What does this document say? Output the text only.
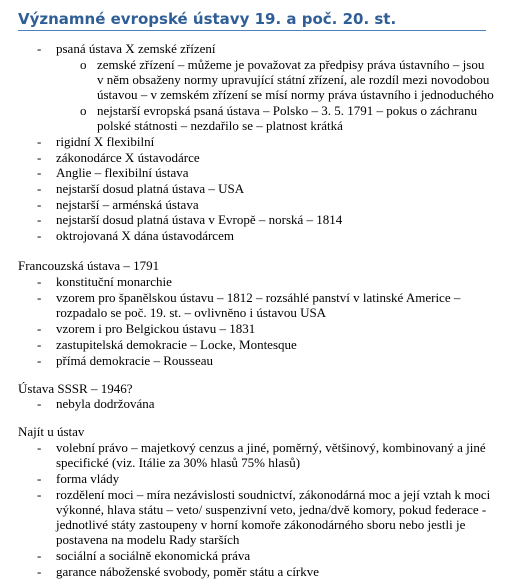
Významné evropské ústavy 19. a poč. 20. st.
- psaná ústava X zemské zřízení
o zemské zřízení – můžeme je považovat za předpisy práva ústavního – jsou
v něm obsaženy normy upravující státní zřízení, ale rozdíl mezi novodobou
ústavou – v zemském zřízení se mísí normy práva ústavního i jednoduchého
o nejstarší evropská psaná ústava – Polsko – 3. 5. 1791 – pokus o záchranu
polské státnosti – nezdařilo se – platnost krátká
- rigidní X flexibilní
- zákonodárce X ústavodárce
- Anglie – flexibilní ústava
- nejstarší dosud platná ústava – USA
- nejstarší – arménská ústava
- nejstarší dosud platná ústava v Evropě – norská – 1814
- oktrojovaná X dána ústavodárcem
Francouzská ústava – 1791
- konstituční monarchie
- vzorem pro španělskou ústavu – 1812 – rozsáhlé panství v latinské Americe –
rozpadalo se poč. 19. st. – ovlivněno i ústavou USA
- vzorem i pro Belgickou ústavu – 1831
- zastupitelská demokracie – Locke, Montesque
- přímá demokracie – Rousseau
Ústava SSSR – 1946?
- nebyla dodržována
Najít u ústav
- volební právo – majetkový cenzus a jiné, poměrný, většinový, kombinovaný a jiné
specifické (viz. Itálie za 30% hlasů 75% hlasů)
- forma vlády
- rozdělení moci – míra nezávislosti soudnictví, zákonodárná moc a její vztah k moci
výkonné, hlava státu – veto/ suspenzivní veto, jedna/dvě komory, pokud federace -
jednotlivé státy zastoupeny v horní komoře zákonodárného sboru nebo jestli je
postavena na modelu Rady starších
- sociální a sociálně ekonomická práva
- garance náboženské svobody, poměr státu a církve
